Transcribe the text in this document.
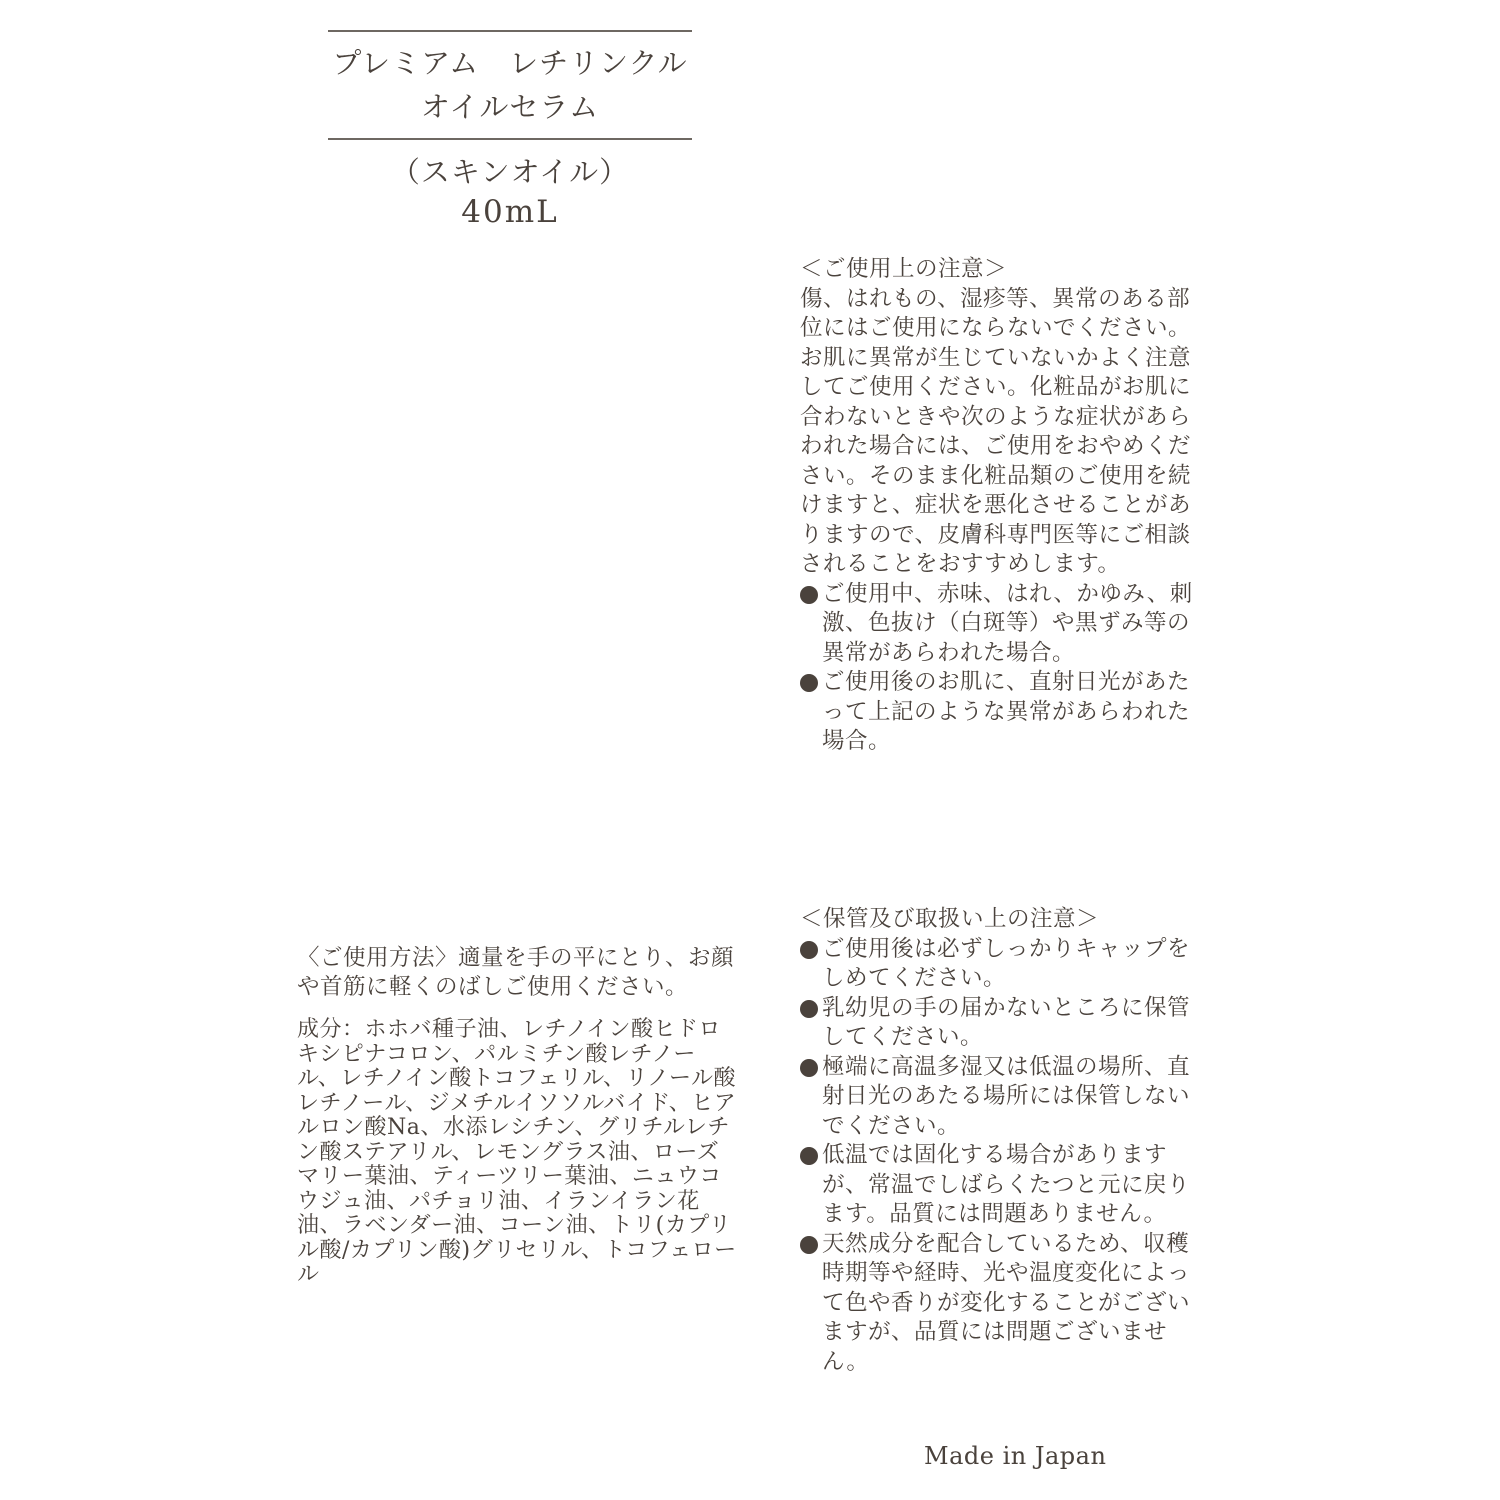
プレミアム　レチリンクル
オイルセラム
（スキンオイル）
40mL
＜ご使用上の注意＞
傷、はれもの、湿疹等、異常のある部位にはご使用にならないでください。お肌に異常が生じていないかよく注意してご使用ください。化粧品がお肌に合わないときや次のような症状があらわれた場合には、ご使用をおやめください。そのまま化粧品類のご使用を続けますと、症状を悪化させることがありますので、皮膚科専門医等にご相談されることをおすすめします。
ご使用中、赤味、はれ、かゆみ、刺激、色抜け（白斑等）や黒ずみ等の異常があらわれた場合。
ご使用後のお肌に、直射日光があたって上記のような異常があらわれた場合。
〈ご使用方法〉適量を手の平にとり、お顔や首筋に軽くのばしご使用ください。
成分：ホホバ種子油、レチノイン酸ヒドロキシピナコロン、パルミチン酸レチノール、レチノイン酸トコフェリル、リノール酸レチノール、ジメチルイソソルバイド、ヒアルロン酸Na、水添レシチン、グリチルレチン酸ステアリル、レモングラス油、ローズマリー葉油、ティーツリー葉油、ニュウコウジュ油、パチョリ油、イランイラン花油、ラベンダー油、コーン油、トリ(カプリル酸/カプリン酸)グリセリル、トコフェロール
＜保管及び取扱い上の注意＞
ご使用後は必ずしっかりキャップをしめてください。
乳幼児の手の届かないところに保管してください。
極端に高温多湿又は低温の場所、直射日光のあたる場所には保管しないでください。
低温では固化する場合がありますが、常温でしばらくたつと元に戻ります。品質には問題ありません。
天然成分を配合しているため、収穫時期等や経時、光や温度変化によって色や香りが変化することがございますが、品質には問題ございません。
Made in Japan
